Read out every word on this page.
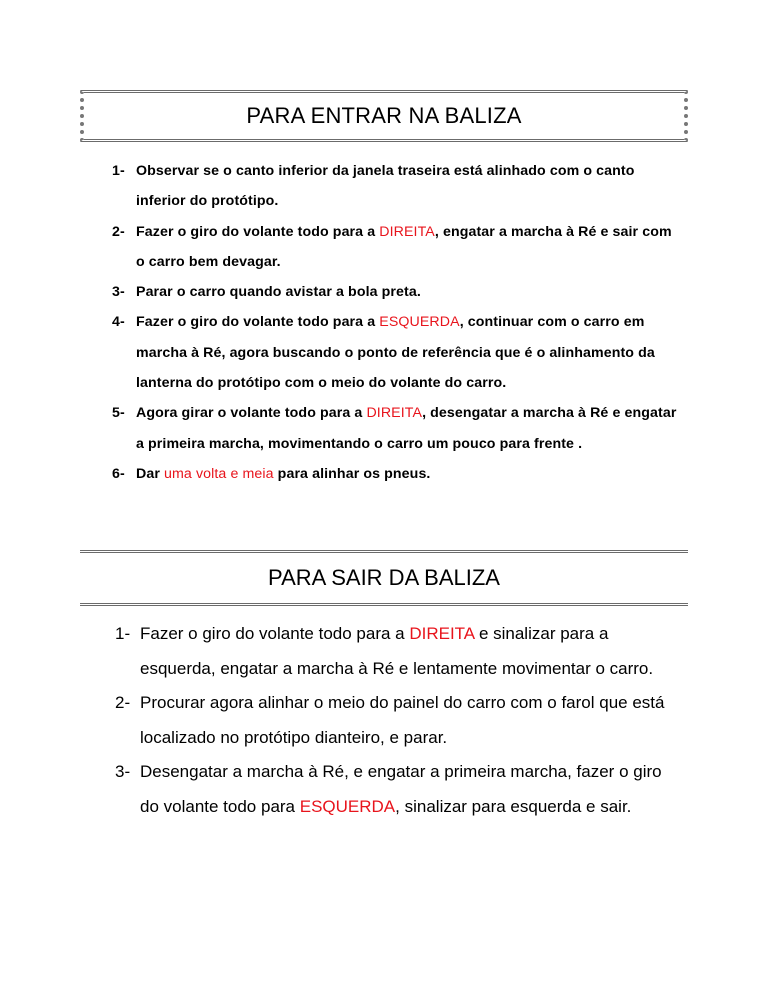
PARA ENTRAR NA BALIZA
1- Observar se o canto inferior da janela traseira está alinhado com o canto inferior do protótipo.
2- Fazer o giro do volante todo para a DIREITA, engatar a marcha à Ré e sair com o carro bem devagar.
3- Parar o carro quando avistar a bola preta.
4- Fazer o giro do volante todo para a ESQUERDA, continuar com o carro em marcha à Ré, agora buscando o ponto de referência que é o alinhamento da lanterna do protótipo com o meio do volante do carro.
5- Agora girar o volante todo para a DIREITA, desengatar a marcha à Ré e engatar a primeira marcha, movimentando o carro um pouco para frente .
6- Dar uma volta e meia para alinhar os pneus.
PARA SAIR DA BALIZA
1- Fazer o giro do volante todo para a DIREITA e sinalizar para a esquerda, engatar a marcha à Ré e lentamente movimentar o carro.
2- Procurar agora alinhar o meio do painel do carro com o farol que está localizado no protótipo dianteiro, e parar.
3- Desengatar a marcha à Ré, e engatar a primeira marcha, fazer o giro do volante todo para ESQUERDA, sinalizar para esquerda e sair.
